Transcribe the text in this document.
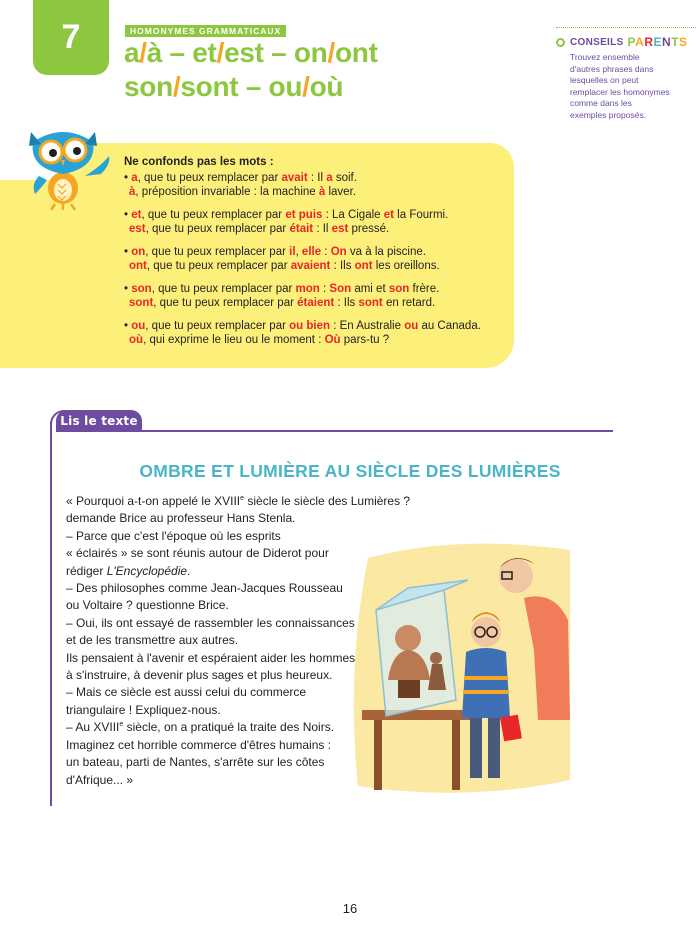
7	HOMONYMES GRAMMATICAUX
a/à – et/est – on/ont
son/sont – ou/où
CONSEILS PARENTS
Trouvez ensemble d'autres phrases dans lesquelles on peut remplacer les homonymes comme dans les exemples proposés.
Ne confonds pas les mots :
• a, que tu peux remplacer par avait : Il a soif.
à, préposition invariable : la machine à laver.
• et, que tu peux remplacer par et puis : La Cigale et la Fourmi.
est, que tu peux remplacer par était : Il est pressé.
• on, que tu peux remplacer par il, elle : On va à la piscine.
ont, que tu peux remplacer par avaient : Ils ont les oreillons.
• son, que tu peux remplacer par mon : Son ami et son frère.
sont, que tu peux remplacer par étaient : Ils sont en retard.
• ou, que tu peux remplacer par ou bien : En Australie ou au Canada.
où, qui exprime le lieu ou le moment : Où pars-tu ?
Lis le texte
OMBRE ET LUMIÈRE AU SIÈCLE DES LUMIÈRES

« Pourquoi a-t-on appelé le XVIIIe siècle le siècle des Lumières ?

demande Brice au professeur Hans Stenla.

– Parce que c'est l'époque où les esprits

« éclairés » se sont réunis autour de Diderot pour

rédiger L'Encyclopédie.

– Des philosophes comme Jean-Jacques Rousseau

ou Voltaire ? questionne Brice.

– Oui, ils ont essayé de rassembler les connaissances

et de les transmettre aux autres.

Ils pensaient à l'avenir et espéraient aider les hommes

à s'instruire, à devenir plus sages et plus heureux.

– Mais ce siècle est aussi celui du commerce

triangulaire ! Expliquez-nous.

– Au XVIIIe siècle, on a pratiqué la traite des Noirs.

Imaginez cet horrible commerce d'êtres humains :

un bateau, parti de Nantes, s'arrête sur les côtes

d'Afrique... »

16
